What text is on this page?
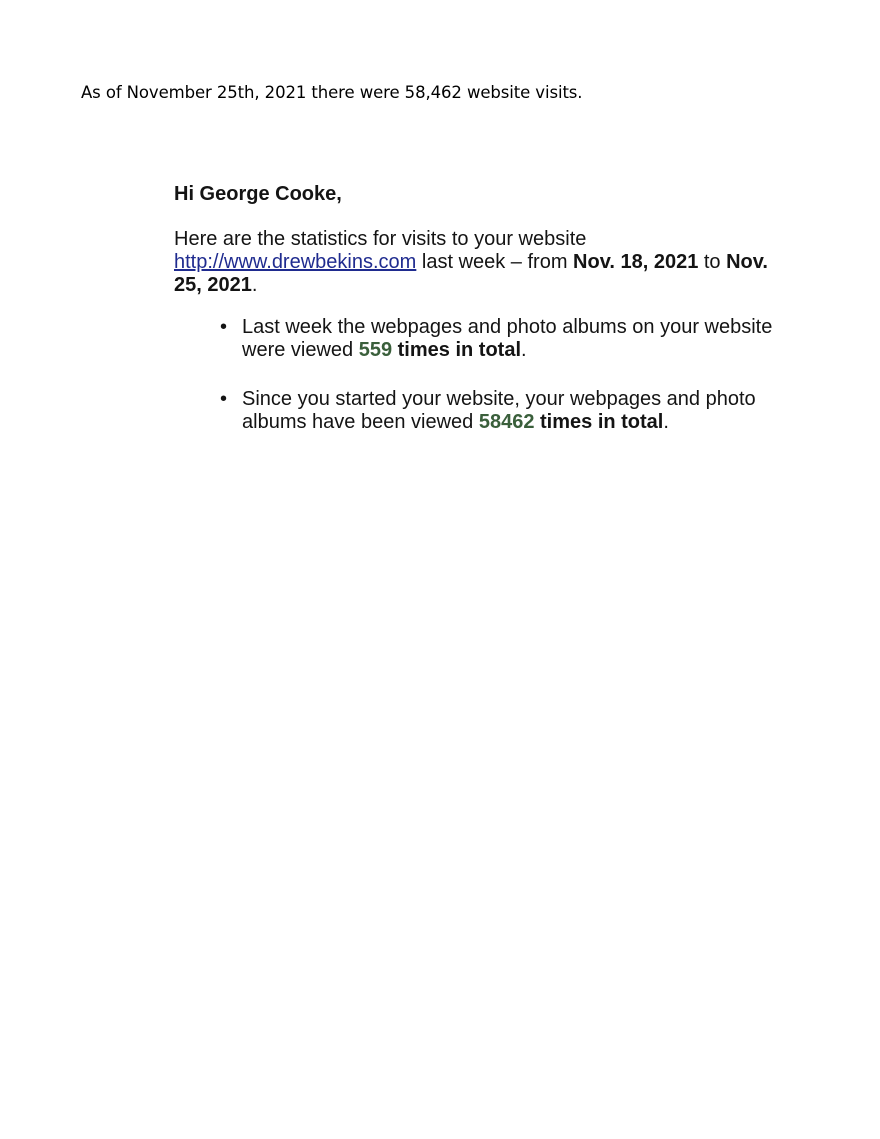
As of November 25th, 2021 there were 58,462 website visits.

Hi George Cooke,

Here are the statistics for visits to your website http://www.drewbekins.com last week – from Nov. 18, 2021 to Nov. 25, 2021.

• Last week the webpages and photo albums on your website were viewed 559 times in total.
• Since you started your website, your webpages and photo albums have been viewed 58462 times in total.
